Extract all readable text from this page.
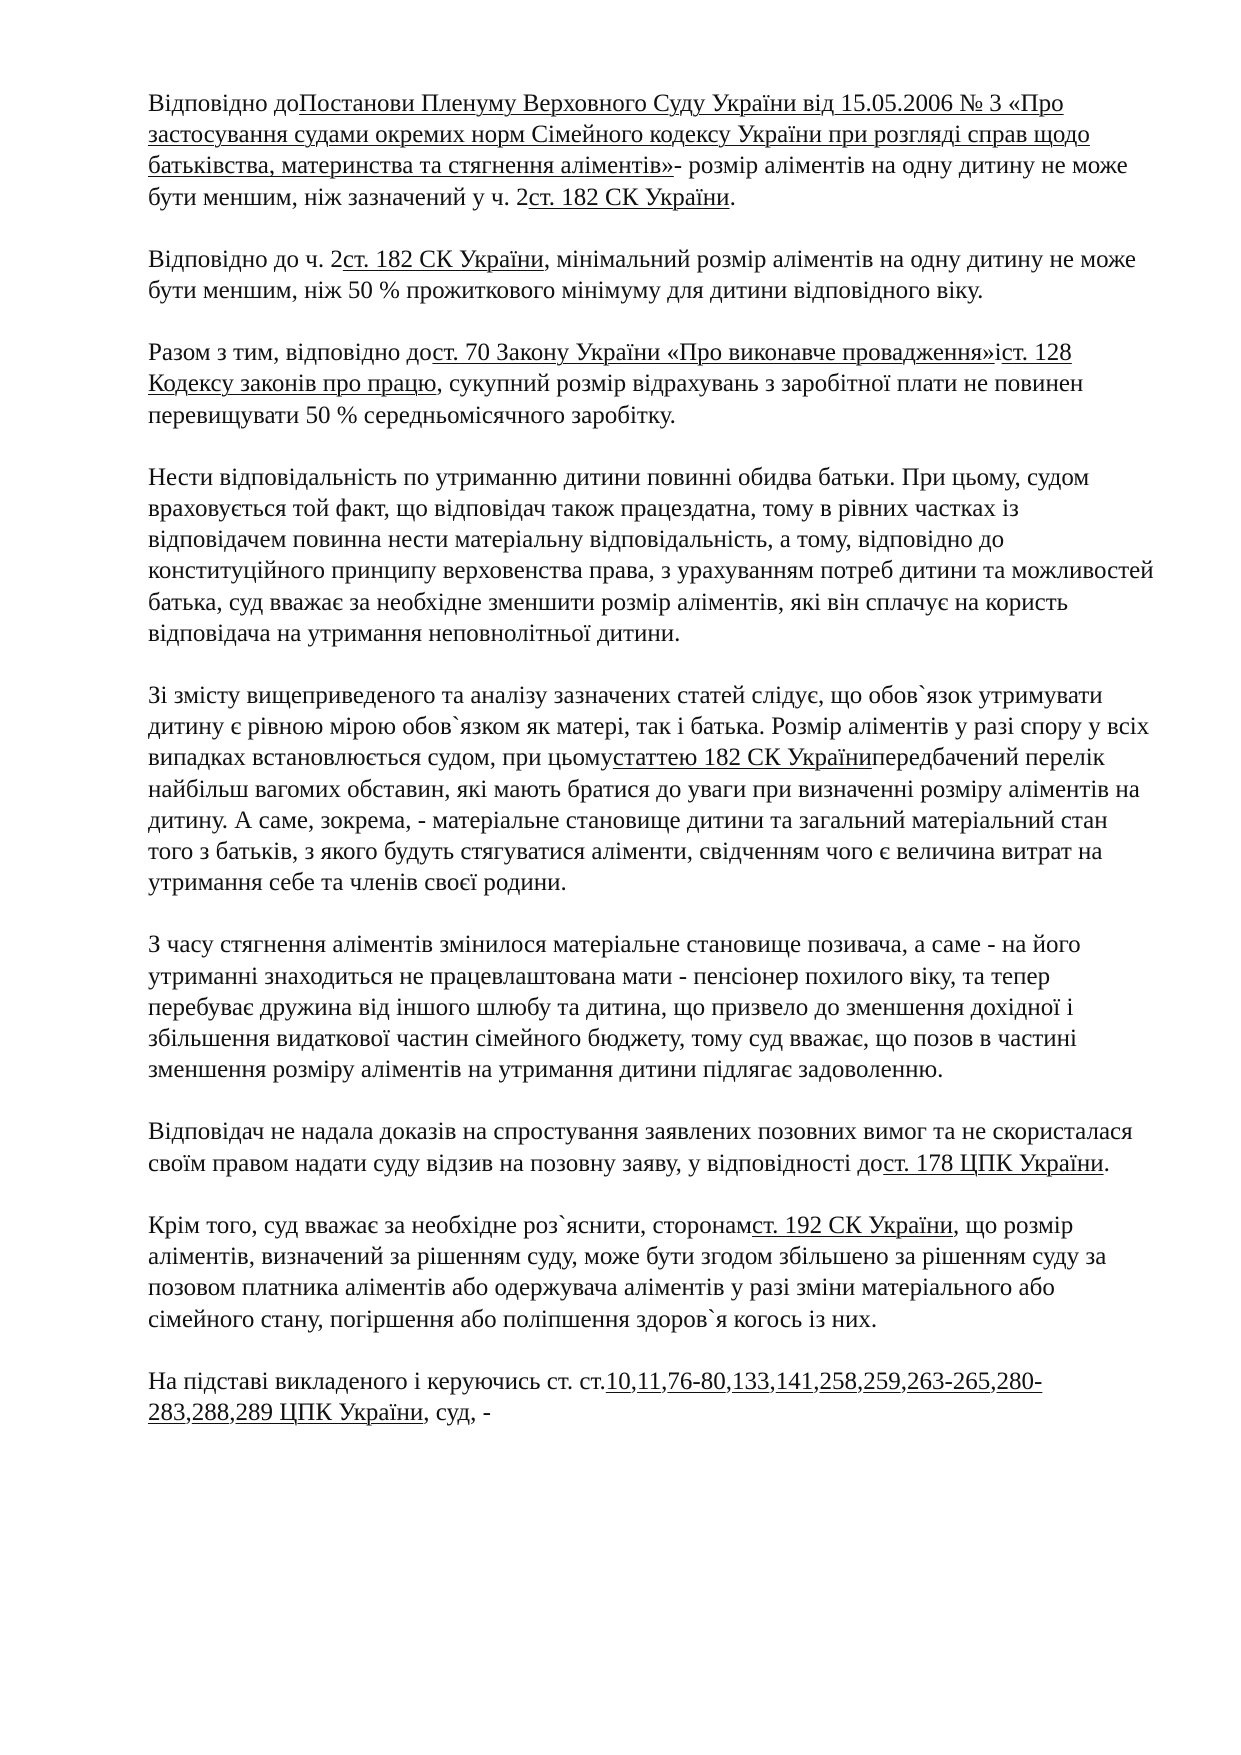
Відповідно доПостанови Пленуму Верховного Суду України від 15.05.2006 № 3 «Про застосування судами окремих норм Сімейного кодексу України при розгляді справ щодо батьківства, материнства та стягнення аліментів»- розмір аліментів на одну дитину не може бути меншим, ніж зазначений у ч. 2ст. 182 СК України.

Відповідно до ч. 2ст. 182 СК України, мінімальний розмір аліментів на одну дитину не може бути меншим, ніж 50 % прожиткового мінімуму для дитини відповідного віку.

Разом з тим, відповідно дост. 70 Закону України «Про виконавче провадження»іст. 128 Кодексу законів про працю, сукупний розмір відрахувань з заробітної плати не повинен перевищувати 50 % середньомісячного заробітку.

Нести відповідальність по утриманню дитини повинні обидва батьки. При цьому, судом враховується той факт, що відповідач також працездатна, тому в рівних частках із відповідачем повинна нести матеріальну відповідальність, а тому, відповідно до конституційного принципу верховенства права, з урахуванням потреб дитини та можливостей батька, суд вважає за необхідне зменшити розмір аліментів, які він сплачує на користь відповідача на утримання неповнолітньої дитини.

Зі змісту вищеприведеного та аналізу зазначених статей слідує, що обов`язок утримувати дитину є рівною мірою обов`язком як матері, так і батька. Розмір аліментів у разі спору у всіх випадках встановлюється судом, при цьомустаттею 182 СК Українипередбачений перелік найбільш вагомих обставин, які мають братися до уваги при визначенні розміру аліментів на дитину. А саме, зокрема, - матеріальне становище дитини та загальний матеріальний стан того з батьків, з якого будуть стягуватися аліменти, свідченням чого є величина витрат на утримання себе та членів своєї родини.

З часу стягнення аліментів змінилося матеріальне становище позивача, а саме - на його утриманні знаходиться не працевлаштована мати - пенсіонер похилого віку, та тепер перебуває дружина від іншого шлюбу та дитина, що призвело до зменшення дохідної і збільшення видаткової частин сімейного бюджету, тому суд вважає, що позов в частині зменшення розміру аліментів на утримання дитини підлягає задоволенню.

Відповідач не надала доказів на спростування заявлених позовних вимог та не скористалася своїм правом надати суду відзив на позовну заяву, у відповідності дост. 178 ЦПК України.

Крім того, суд вважає за необхідне роз`яснити, сторонамст. 192 СК України, що розмір аліментів, визначений за рішенням суду, може бути згодом збільшено за рішенням суду за позовом платника аліментів або одержувача аліментів у разі зміни матеріального або сімейного стану, погіршення або поліпшення здоров`я когось із них.

На підставі викладеного і керуючись ст. ст.10,11,76-80,133,141,258,259,263-265,280-283,288,289 ЦПК України, суд, -
